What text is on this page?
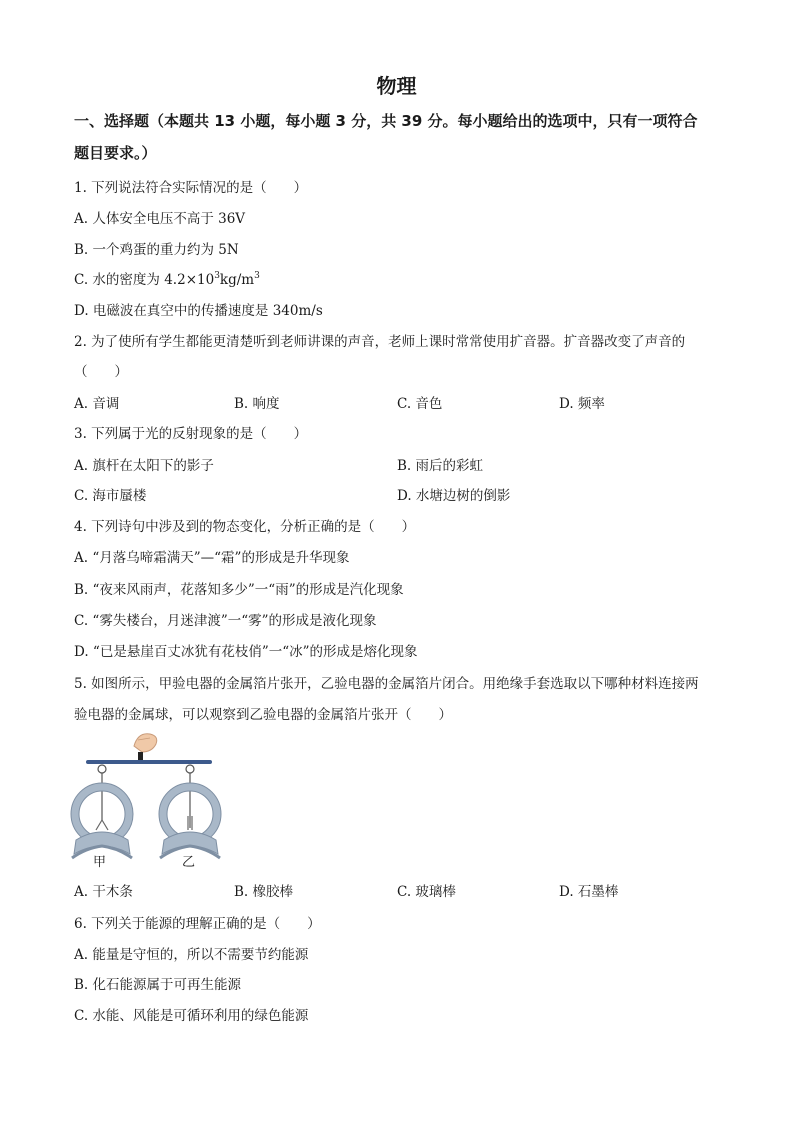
物理
一、选择题（本题共 13 小题，每小题 3 分，共 39 分。每小题给出的选项中，只有一项符合
题目要求。）
1. 下列说法符合实际情况的是（　　）
A. 人体安全电压不高于 36V
B. 一个鸡蛋的重力约为 5N
C. 水的密度为 $4.2\times 10^3kg/m^3$
D. 电磁波在真空中的传播速度是 340m/s
2. 为了使所有学生都能更清楚听到老师讲课的声音，老师上课时常常使用扩音器。扩音器改变了声音的
（　　）
A. 音调	B. 响度	C. 音色	D. 频率
3. 下列属于光的反射现象的是（　　）
A. 旗杆在太阳下的影子	B. 雨后的彩虹
C. 海市蜃楼	D. 水塘边树的倒影
4. 下列诗句中涉及到的物态变化，分析正确的是（　　）
A. “月落乌啼霜满天”—“霜”的形成是升华现象
B. “夜来风雨声，花落知多少”一“雨”的形成是汽化现象
C. “雾失楼台，月迷津渡”一“雾”的形成是液化现象
D. “已是悬崖百丈冰犹有花枝俏”一“冰”的形成是熔化现象
5. 如图所示，甲验电器的金属箔片张开，乙验电器的金属箔片闭合。用绝缘手套选取以下哪种材料连接两
验电器的金属球，可以观察到乙验电器的金属箔片张开（　　）
甲	乙
A. 干木条	B. 橡胶棒	C. 玻璃棒	D. 石墨棒
6. 下列关于能源的理解正确的是（　　）
A. 能量是守恒的，所以不需要节约能源
B. 化石能源属于可再生能源
C. 水能、风能是可循环利用的绿色能源
